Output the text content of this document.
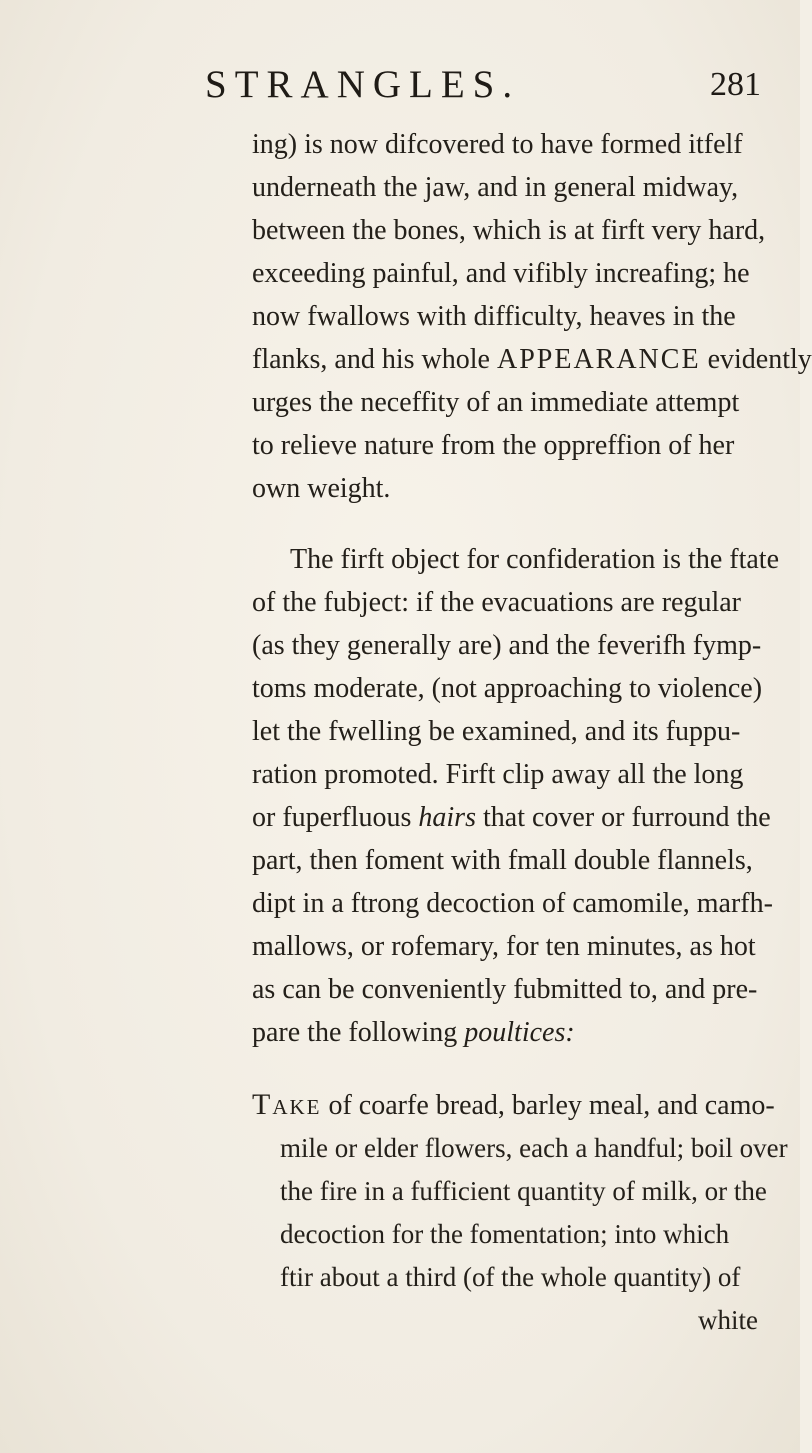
STRANGLES.	281
ing) is now difcovered to have formed itfelf
underneath the jaw, and in general midway,
between the bones, which is at firft very hard,
exceeding painful, and vifibly increafing; he
now fwallows with difficulty, heaves in the
flanks, and his whole APPEARANCE evidently
urges the neceffity of an immediate attempt
to relieve nature from the oppreffion of her
own weight.
The firft object for confideration is the ftate
of the fubject: if the evacuations are regular
(as they generally are) and the feverifh fymp-
toms moderate, (not approaching to violence)
let the fwelling be examined, and its fuppu-
ration promoted. Firft clip away all the long
or fuperfluous hairs that cover or furround the
part, then foment with fmall double flannels,
dipt in a ftrong decoction of camomile, marfh-
mallows, or rofemary, for ten minutes, as hot
as can be conveniently fubmitted to, and pre-
pare the following poultices:
Take of coarfe bread, barley meal, and camo-
mile or elder flowers, each a handful; boil over
the fire in a fufficient quantity of milk, or the
decoction for the fomentation; into which
ftir about a third (of the whole quantity) of
white
